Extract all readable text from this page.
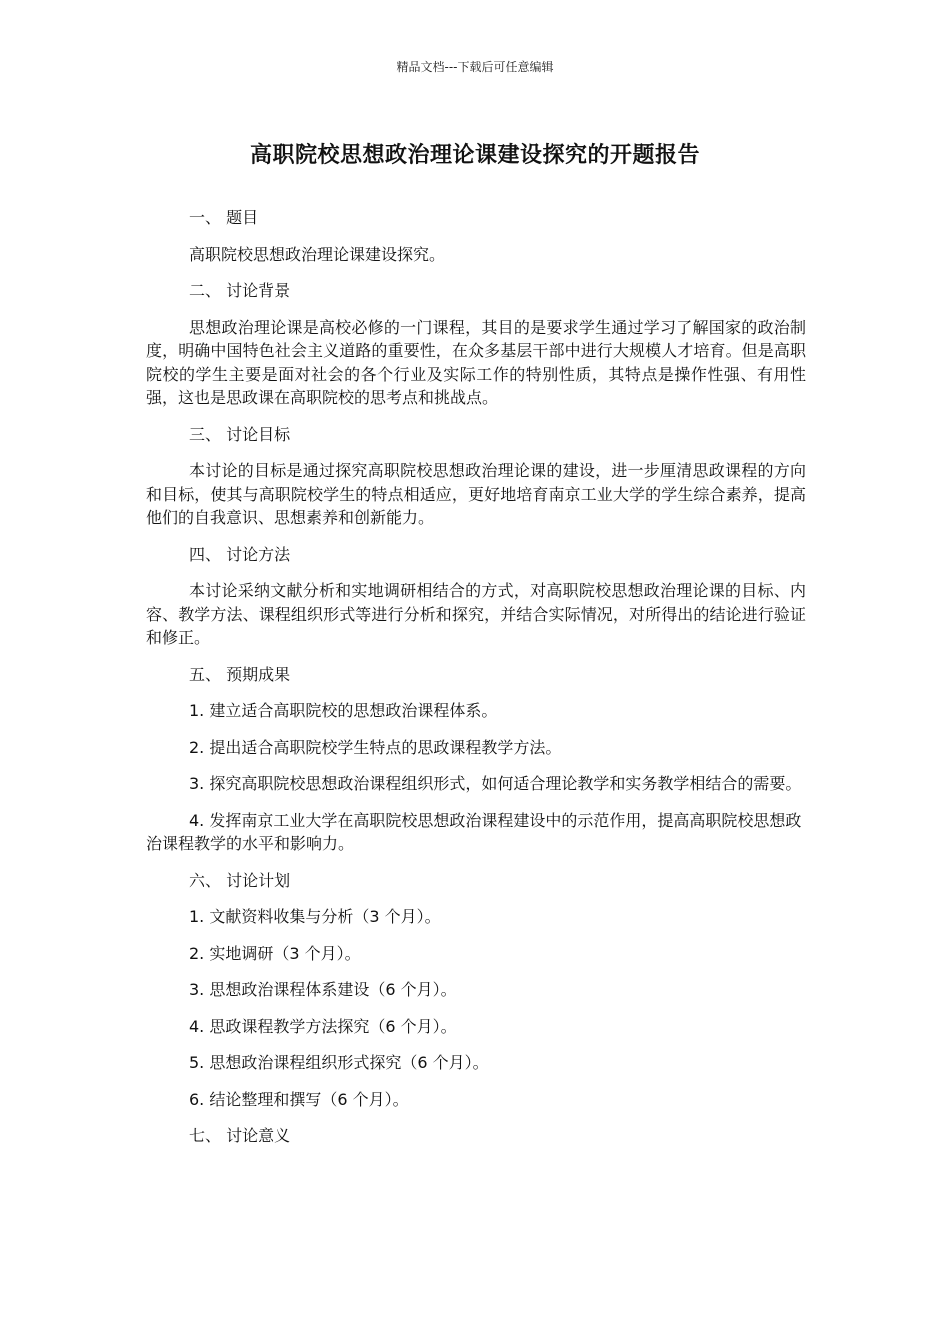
精品文档---下载后可任意编辑
高职院校思想政治理论课建设探究的开题报告

一、 题目

高职院校思想政治理论课建设探究。

二、 讨论背景

思想政治理论课是高校必修的一门课程，其目的是要求学生通过学习了解国家的政治制度，明确中国特色社会主义道路的重要性，在众多基层干部中进行大规模人才培育。但是高职院校的学生主要是面对社会的各个行业及实际工作的特别性质，其特点是操作性强、有用性强，这也是思政课在高职院校的思考点和挑战点。

三、 讨论目标

本讨论的目标是通过探究高职院校思想政治理论课的建设，进一步厘清思政课程的方向和目标，使其与高职院校学生的特点相适应，更好地培育南京工业大学的学生综合素养，提高他们的自我意识、思想素养和创新能力。

四、 讨论方法

本讨论采纳文献分析和实地调研相结合的方式，对高职院校思想政治理论课的目标、内容、教学方法、课程组织形式等进行分析和探究，并结合实际情况，对所得出的结论进行验证和修正。

五、 预期成果

1. 建立适合高职院校的思想政治课程体系。

2. 提出适合高职院校学生特点的思政课程教学方法。

3. 探究高职院校思想政治课程组织形式，如何适合理论教学和实务教学相结合的需要。

4. 发挥南京工业大学在高职院校思想政治课程建设中的示范作用，提高高职院校思想政治课程教学的水平和影响力。

六、 讨论计划

1. 文献资料收集与分析（3 个月）。

2. 实地调研（3 个月）。

3. 思想政治课程体系建设（6 个月）。

4. 思政课程教学方法探究（6 个月）。

5. 思想政治课程组织形式探究（6 个月）。

6. 结论整理和撰写（6 个月）。

七、 讨论意义
